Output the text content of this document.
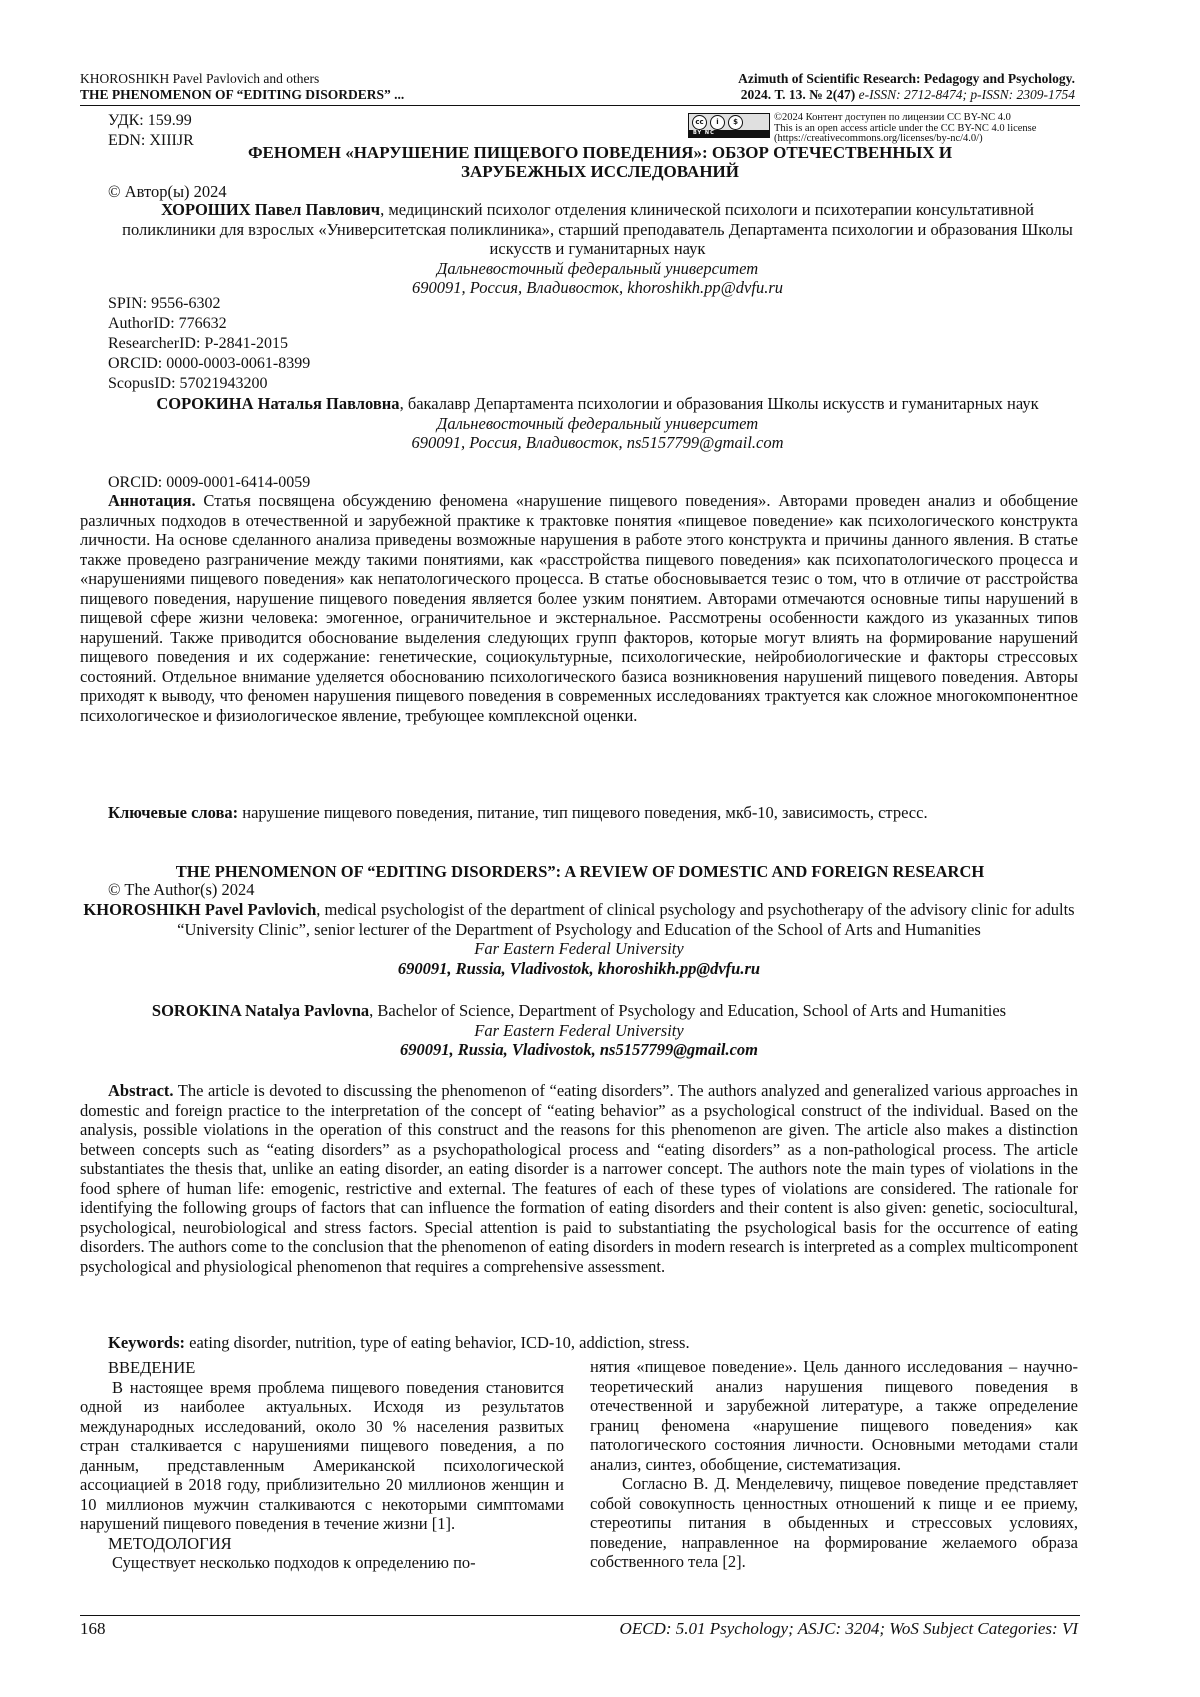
KHOROSHIKH Pavel Pavlovich and others
THE PHENOMENON OF “EDITING DISORDERS” ...
Azimuth of Scientific Research: Pedagogy and Psychology.
2024. Т. 13. № 2(47) e-ISSN: 2712-8474; p-ISSN: 2309-1754
УДК: 159.99
EDN: XIIIJR
cc	i	$
BY NC
©2024 Контент доступен по лицензии CC BY-NC 4.0
This is an open access article under the CC BY-NC 4.0 license
(https://creativecommons.org/licenses/by-nc/4.0/)
ФЕНОМЕН «НАРУШЕНИЕ ПИЩЕВОГО ПОВЕДЕНИЯ»: ОБЗОР ОТЕЧЕСТВЕННЫХ И
ЗАРУБЕЖНЫХ ИССЛЕДОВАНИЙ
© Автор(ы) 2024
ХОРОШИХ Павел Павлович, медицинский психолог отделения клинической психологи и психотерапии консультативной поликлиники для взрослых «Университетская поликлиника», старший преподаватель Департамента психологии и образования Школы искусств и гуманитарных наук
Дальневосточный федеральный университет
690091, Россия, Владивосток, khoroshikh.pp@dvfu.ru
SPIN: 9556-6302
AuthorID: 776632
ResearcherID: P-2841-2015
ORCID: 0000-0003-0061-8399
ScopusID: 57021943200
СОРОКИНА Наталья Павловна, бакалавр Департамента психологии и образования Школы искусств и гуманитарных наук
Дальневосточный федеральный университет
690091, Россия, Владивосток, ns5157799@gmail.com
ORCID: 0009-0001-6414-0059
Аннотация. Статья посвящена обсуждению феномена «нарушение пищевого поведения». Авторами проведен анализ и обобщение различных подходов в отечественной и зарубежной практике к трактовке понятия «пищевое поведение» как психологического конструкта личности. На основе сделанного анализа приведены возможные нарушения в работе этого конструкта и причины данного явления. В статье также проведено разграничение между такими понятиями, как «расстройства пищевого поведения» как психопатологического процесса и «нарушениями пищевого поведения» как непатологического процесса. В статье обосновывается тезис о том, что в отличие от расстройства пищевого поведения, нарушение пищевого поведения является более узким понятием. Авторами отмечаются основные типы нарушений в пищевой сфере жизни человека: эмогенное, ограничительное и экстернальное. Рассмотрены особенности каждого из указанных типов нарушений. Также приводится обоснование выделения следующих групп факторов, которые могут влиять на формирование нарушений пищевого поведения и их содержание: генетические, социокультурные, психологические, нейробиологические и факторы стрессовых состояний. Отдельное внимание уделяется обоснованию психологического базиса возникновения нарушений пищевого поведения. Авторы приходят к выводу, что феномен нарушения пищевого поведения в современных исследованиях трактуется как сложное многокомпонентное психологическое и физиологическое явление, требующее комплексной оценки.
Ключевые слова: нарушение пищевого поведения, питание, тип пищевого поведения, мкб-10, зависимость, стресс.
THE PHENOMENON OF “EDITING DISORDERS”: A REVIEW OF DOMESTIC AND FOREIGN RESEARCH
© The Author(s) 2024
KHOROSHIKH Pavel Pavlovich, medical psychologist of the department of clinical psychology and psychotherapy of the advisory clinic for adults “University Clinic”, senior lecturer of the Department of Psychology and Education of the School of Arts and Humanities
Far Eastern Federal University
690091, Russia, Vladivostok, khoroshikh.pp@dvfu.ru
SOROKINA Natalya Pavlovna, Bachelor of Science, Department of Psychology and Education, School of Arts and Humanities
Far Eastern Federal University
690091, Russia, Vladivostok, ns5157799@gmail.com
Abstract. The article is devoted to discussing the phenomenon of “eating disorders”. The authors analyzed and generalized various approaches in domestic and foreign practice to the interpretation of the concept of “eating behavior” as a psychological construct of the individual. Based on the analysis, possible violations in the operation of this construct and the reasons for this phenomenon are given. The article also makes a distinction between concepts such as “eating disorders” as a psychopathological process and “eating disorders” as a non-pathological process. The article substantiates the thesis that, unlike an eating disorder, an eating disorder is a narrower concept. The authors note the main types of violations in the food sphere of human life: emogenic, restrictive and external. The features of each of these types of violations are considered. The rationale for identifying the following groups of factors that can influence the formation of eating disorders and their content is also given: genetic, sociocultural, psychological, neurobiological and stress factors. Special attention is paid to substantiating the psychological basis for the occurrence of eating disorders. The authors come to the conclusion that the phenomenon of eating disorders in modern research is interpreted as a complex multicomponent psychological and physiological phenomenon that requires a comprehensive assessment.
Keywords: eating disorder, nutrition, type of eating behavior, ICD-10, addiction, stress.
ВВЕДЕНИЕ
В настоящее время проблема пищевого поведения становится одной из наиболее актуальных. Исходя из результатов международных исследований, около 30 % населения развитых стран сталкивается с нарушениями пищевого поведения, а по данным, представленным Американской психологической ассоциацией в 2018 году, приблизительно 20 миллионов женщин и 10 миллионов мужчин сталкиваются с некоторыми симптомами нарушений пищевого поведения в течение жизни [1].
МЕТОДОЛОГИЯ
Существует несколько подходов к определению по-
нятия «пищевое поведение». Цель данного исследования – научно-теоретический анализ нарушения пищевого поведения в отечественной и зарубежной литературе, а также определение границ феномена «нарушение пищевого поведения» как патологического состояния личности. Основными методами стали анализ, синтез, обобщение, систематизация.
Согласно В. Д. Менделевичу, пищевое поведение представляет собой совокупность ценностных отношений к пище и ее приему, стереотипы питания в обыденных и стрессовых условиях, поведение, направленное на формирование желаемого образа собственного тела [2].
168	OECD: 5.01 Psychology; ASJC: 3204; WoS Subject Categories: VI
